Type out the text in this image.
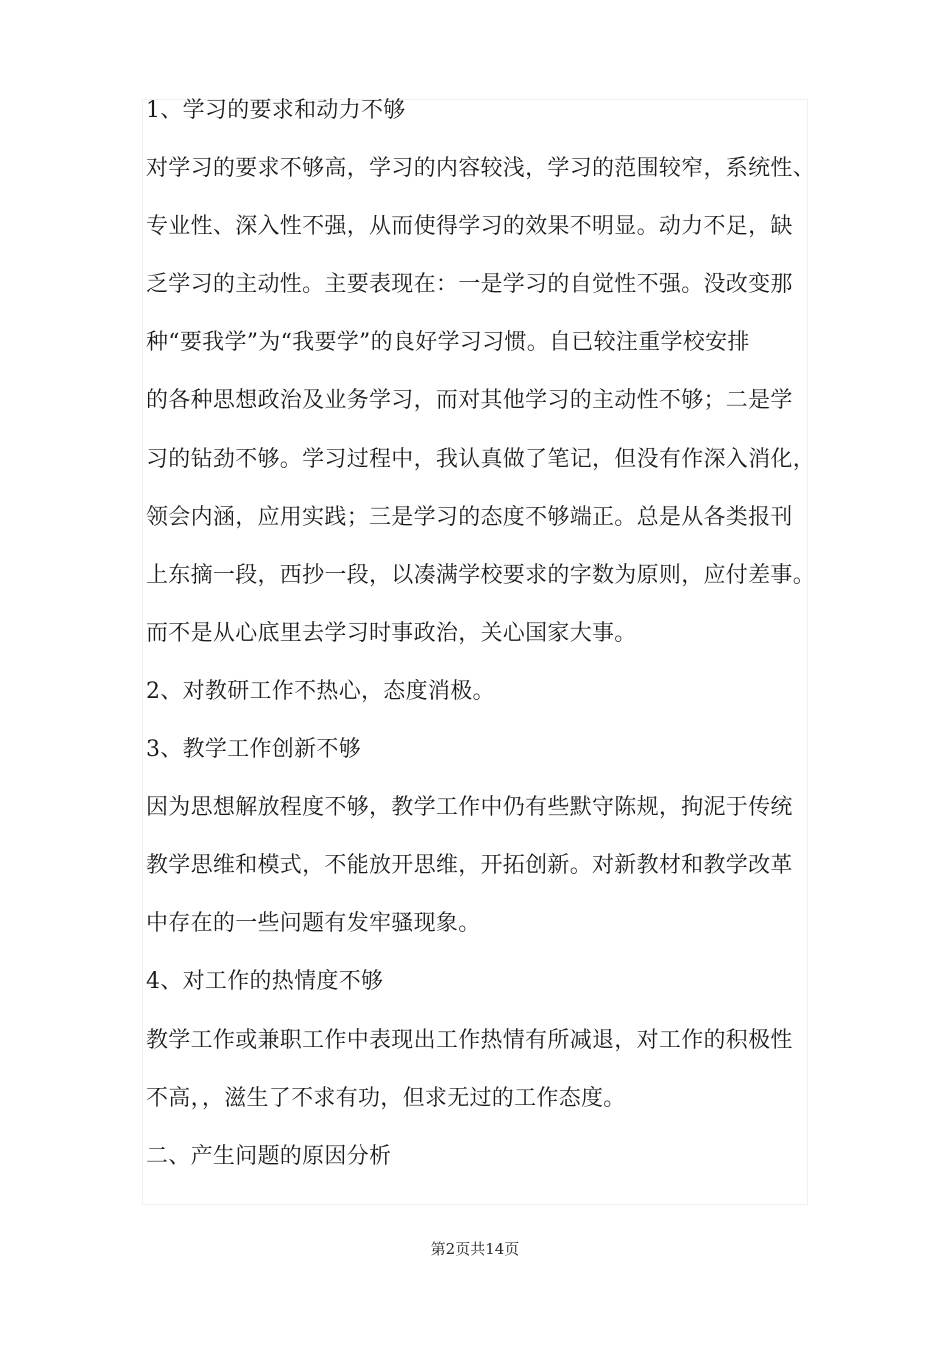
1、学习的要求和动力不够
对学习的要求不够高，学习的内容较浅，学习的范围较窄，系统性、
专业性、深入性不强，从而使得学习的效果不明显。动力不足，缺
乏学习的主动性。主要表现在：一是学习的自觉性不强。没改变那
种“要我学”为“我要学”的良好学习习惯。自已较注重学校安排
的各种思想政治及业务学习，而对其他学习的主动性不够；二是学
习的钻劲不够。学习过程中，我认真做了笔记，但没有作深入消化，
领会内涵，应用实践；三是学习的态度不够端正。总是从各类报刊
上东摘一段，西抄一段，以凑满学校要求的字数为原则，应付差事。
而不是从心底里去学习时事政治，关心国家大事。
2、对教研工作不热心，态度消极。
3、教学工作创新不够
因为思想解放程度不够，教学工作中仍有些默守陈规，拘泥于传统
教学思维和模式，不能放开思维，开拓创新。对新教材和教学改革
中存在的一些问题有发牢骚现象。
4、对工作的热情度不够
教学工作或兼职工作中表现出工作热情有所减退，对工作的积极性
不高，，滋生了不求有功，但求无过的工作态度。
二、产生问题的原因分析
第2页共14页
